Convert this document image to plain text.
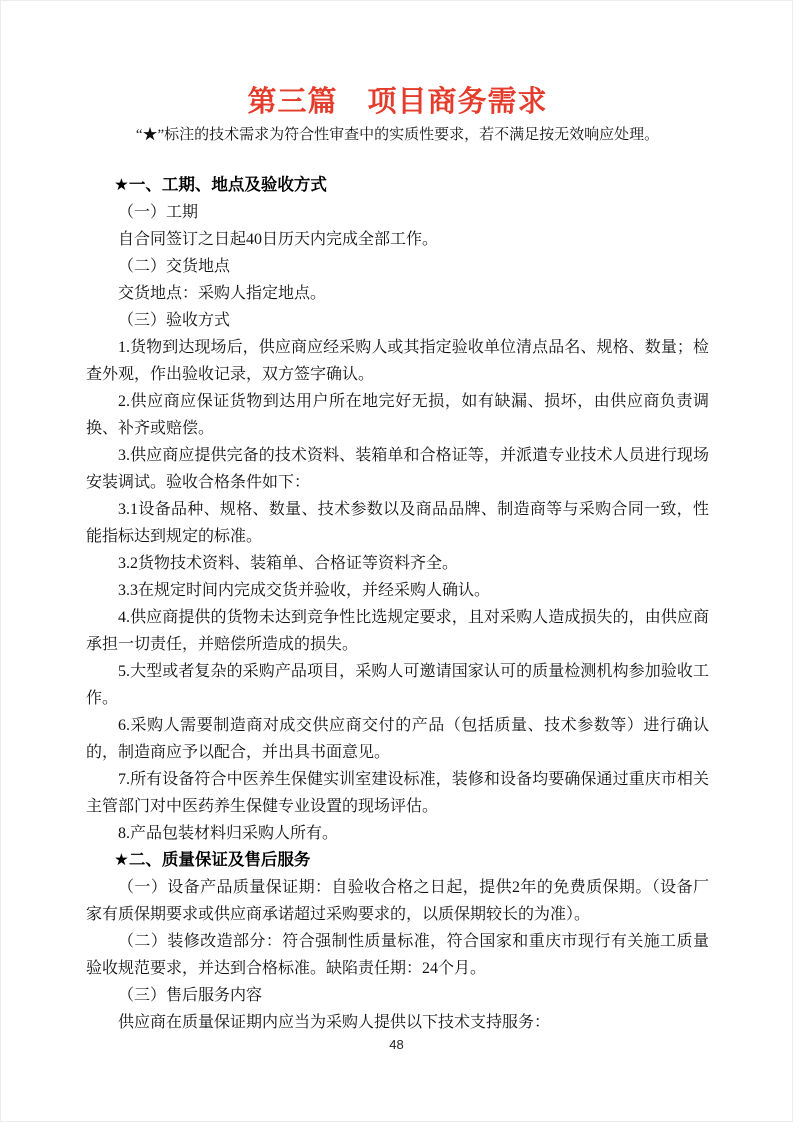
第三篇　项目商务需求
“★”标注的技术需求为符合性审查中的实质性要求，若不满足按无效响应处理。
★一、工期、地点及验收方式

（一）工期

自合同签订之日起40日历天内完成全部工作。

（二）交货地点

交货地点：采购人指定地点。

（三）验收方式

1.货物到达现场后，供应商应经采购人或其指定验收单位清点品名、规格、数量；检查外观，作出验收记录，双方签字确认。

2.供应商应保证货物到达用户所在地完好无损，如有缺漏、损坏，由供应商负责调换、补齐或赔偿。

3.供应商应提供完备的技术资料、装箱单和合格证等，并派遣专业技术人员进行现场安装调试。验收合格条件如下：

3.1设备品种、规格、数量、技术参数以及商品品牌、制造商等与采购合同一致，性能指标达到规定的标准。

3.2货物技术资料、装箱单、合格证等资料齐全。

3.3在规定时间内完成交货并验收，并经采购人确认。

4.供应商提供的货物未达到竞争性比选规定要求，且对采购人造成损失的，由供应商承担一切责任，并赔偿所造成的损失。

5.大型或者复杂的采购产品项目，采购人可邀请国家认可的质量检测机构参加验收工作。

6.采购人需要制造商对成交供应商交付的产品（包括质量、技术参数等）进行确认的，制造商应予以配合，并出具书面意见。

7.所有设备符合中医养生保健实训室建设标准，装修和设备均要确保通过重庆市相关主管部门对中医药养生保健专业设置的现场评估。

8.产品包装材料归采购人所有。

★二、质量保证及售后服务

（一）设备产品质量保证期：自验收合格之日起，提供2年的免费质保期。（设备厂家有质保期要求或供应商承诺超过采购要求的，以质保期较长的为准）。

（二）装修改造部分：符合强制性质量标准，符合国家和重庆市现行有关施工质量验收规范要求，并达到合格标准。缺陷责任期：24个月。

（三）售后服务内容

供应商在质量保证期内应当为采购人提供以下技术支持服务：

48
